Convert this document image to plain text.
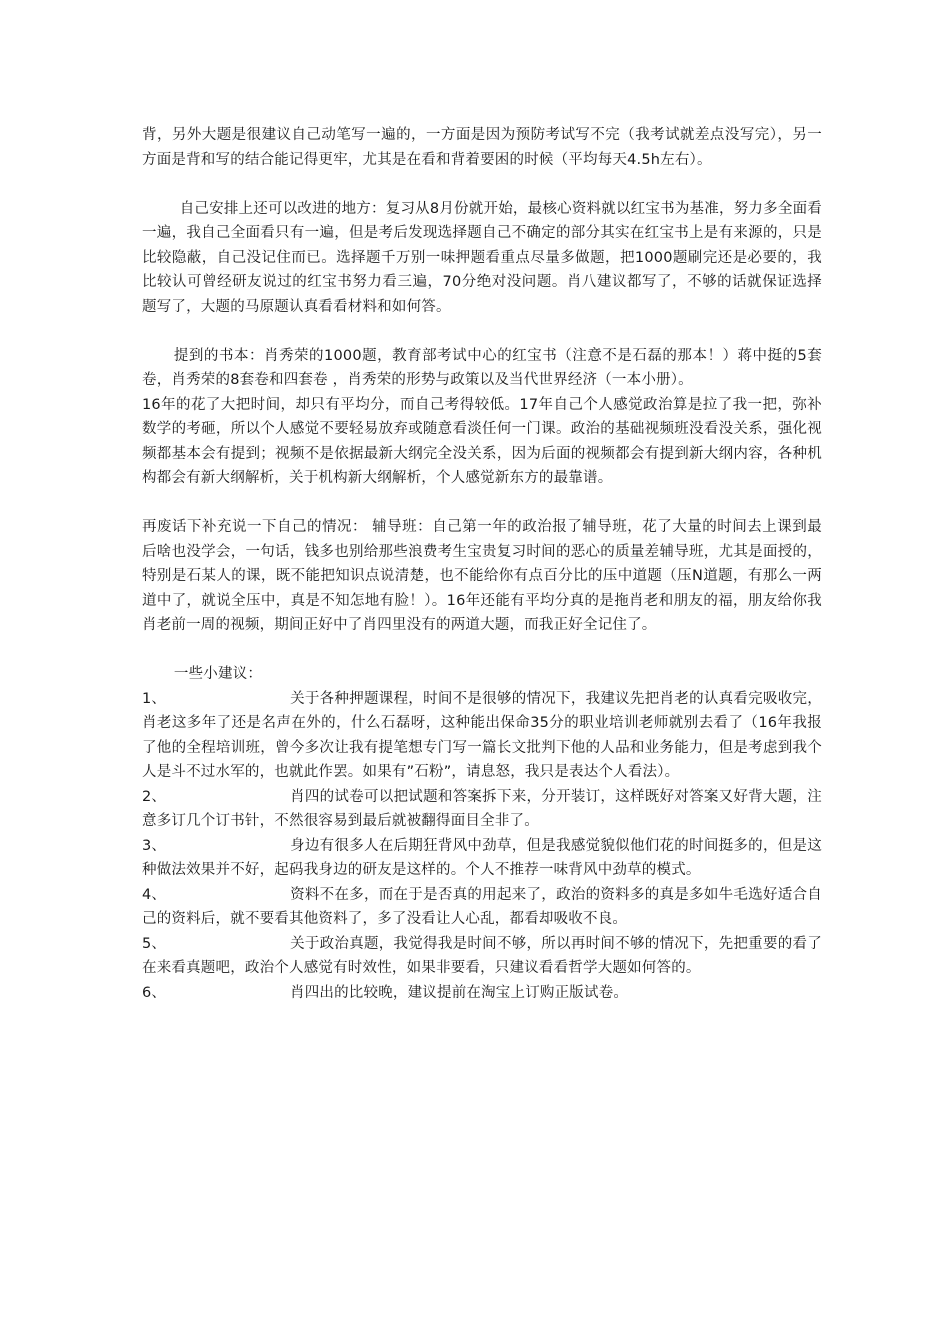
背，另外大题是很建议自己动笔写一遍的，一方面是因为预防考试写不完（我考试就差点没写完），另一方面是背和写的结合能记得更牢，尤其是在看和背着要困的时候（平均每天4.5h左右）。

自己安排上还可以改进的地方：复习从8月份就开始，最核心资料就以红宝书为基准，努力多全面看一遍，我自己全面看只有一遍，但是考后发现选择题自己不确定的部分其实在红宝书上是有来源的，只是比较隐蔽，自己没记住而已。选择题千万别一味押题看重点尽量多做题，把1000题刷完还是必要的，我比较认可曾经研友说过的红宝书努力看三遍，70分绝对没问题。肖八建议都写了，不够的话就保证选择题写了，大题的马原题认真看看材料和如何答。

提到的书本：肖秀荣的1000题，教育部考试中心的红宝书（注意不是石磊的那本！）蒋中挺的5套卷，肖秀荣的8套卷和四套卷 ，肖秀荣的形势与政策以及当代世界经济（一本小册）。

16年的花了大把时间，却只有平均分，而自己考得较低。17年自己个人感觉政治算是拉了我一把，弥补数学的考砸，所以个人感觉不要轻易放弃或随意看淡任何一门课。政治的基础视频班没看没关系，强化视频都基本会有提到；视频不是依据最新大纲完全没关系，因为后面的视频都会有提到新大纲内容，各种机构都会有新大纲解析，关于机构新大纲解析，个人感觉新东方的最靠谱。

再废话下补充说一下自己的情况： 辅导班：自己第一年的政治报了辅导班，花了大量的时间去上课到最后啥也没学会，一句话，钱多也别给那些浪费考生宝贵复习时间的恶心的质量差辅导班，尤其是面授的，特别是石某人的课，既不能把知识点说清楚，也不能给你有点百分比的压中道题（压N道题，有那么一两道中了，就说全压中，真是不知怎地有脸！）。16年还能有平均分真的是拖肖老和朋友的福，朋友给你我肖老前一周的视频，期间正好中了肖四里没有的两道大题，而我正好全记住了。

一些小建议：

1、	关于各种押题课程，时间不是很够的情况下，我建议先把肖老的认真看完吸收完，肖老这多年了还是名声在外的，什么石磊呀，这种能出保命35分的职业培训老师就别去看了（16年我报了他的全程培训班，曾今多次让我有提笔想专门写一篇长文批判下他的人品和业务能力，但是考虑到我个人是斗不过水军的，也就此作罢。如果有”石粉”，请息怒，我只是表达个人看法）。

2、	肖四的试卷可以把试题和答案拆下来，分开装订，这样既好对答案又好背大题，注意多订几个订书针，不然很容易到最后就被翻得面目全非了。

3、	身边有很多人在后期狂背风中劲草，但是我感觉貌似他们花的时间挺多的，但是这种做法效果并不好，起码我身边的研友是这样的。个人不推荐一味背风中劲草的模式。

4、	资料不在多，而在于是否真的用起来了，政治的资料多的真是多如牛毛选好适合自己的资料后，就不要看其他资料了，多了没看让人心乱，都看却吸收不良。

5、	关于政治真题，我觉得我是时间不够，所以再时间不够的情况下，先把重要的看了在来看真题吧，政治个人感觉有时效性，如果非要看，只建议看看哲学大题如何答的。

6、	肖四出的比较晚，建议提前在淘宝上订购正版试卷。
